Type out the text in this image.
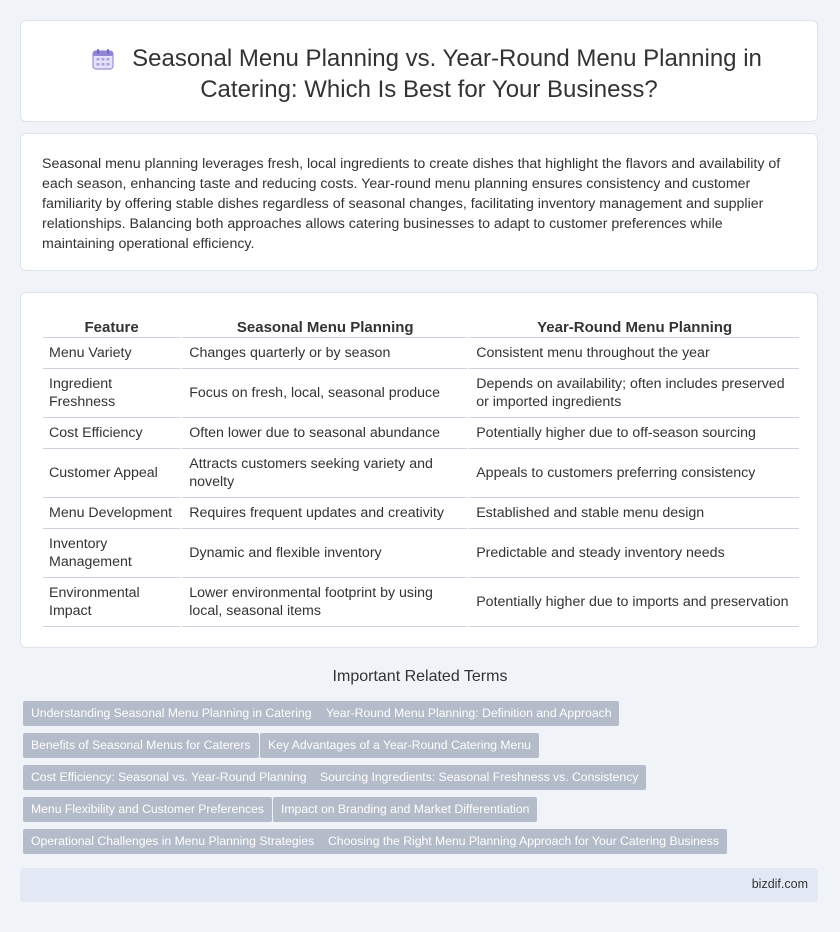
Seasonal Menu Planning vs. Year-Round Menu Planning in
Catering: Which Is Best for Your Business?
Seasonal menu planning leverages fresh, local ingredients to create dishes that highlight the flavors and availability of each season, enhancing taste and reducing costs. Year-round menu planning ensures consistency and customer familiarity by offering stable dishes regardless of seasonal changes, facilitating inventory management and supplier relationships. Balancing both approaches allows catering businesses to adapt to customer preferences while maintaining operational efficiency.
Feature	Seasonal Menu Planning	Year-Round Menu Planning
Menu Variety	Changes quarterly or by season	Consistent menu throughout the year
Ingredient Freshness	Focus on fresh, local, seasonal produce	Depends on availability; often includes preserved or imported ingredients
Cost Efficiency	Often lower due to seasonal abundance	Potentially higher due to off-season sourcing
Customer Appeal	Attracts customers seeking variety and novelty	Appeals to customers preferring consistency
Menu Development	Requires frequent updates and creativity	Established and stable menu design
Inventory Management	Dynamic and flexible inventory	Predictable and steady inventory needs
Environmental Impact	Lower environmental footprint by using local, seasonal items	Potentially higher due to imports and preservation
Important Related Terms
Understanding Seasonal Menu Planning in Catering	Year-Round Menu Planning: Definition and Approach
Benefits of Seasonal Menus for Caterers	Key Advantages of a Year-Round Catering Menu
Cost Efficiency: Seasonal vs. Year-Round Planning	Sourcing Ingredients: Seasonal Freshness vs. Consistency
Menu Flexibility and Customer Preferences	Impact on Branding and Market Differentiation
Operational Challenges in Menu Planning Strategies	Choosing the Right Menu Planning Approach for Your Catering Business
bizdif.com
